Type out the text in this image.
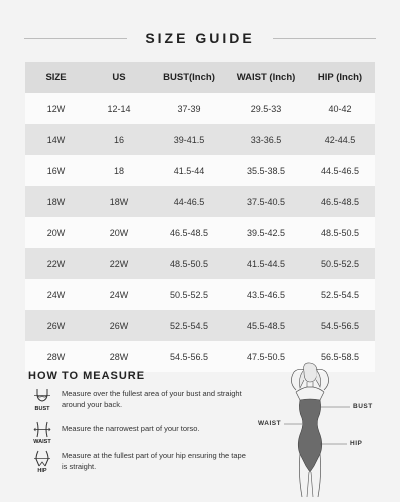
SIZE GUIDE
SIZE	US	BUST(Inch)	WAIST (Inch)	HIP (Inch)
12W	12-14	37-39	29.5-33	40-42
14W	16	39-41.5	33-36.5	42-44.5
16W	18	41.5-44	35.5-38.5	44.5-46.5
18W	18W	44-46.5	37.5-40.5	46.5-48.5
20W	20W	46.5-48.5	39.5-42.5	48.5-50.5
22W	22W	48.5-50.5	41.5-44.5	50.5-52.5
24W	24W	50.5-52.5	43.5-46.5	52.5-54.5
26W	26W	52.5-54.5	45.5-48.5	54.5-56.5
28W	28W	54.5-56.5	47.5-50.5	56.5-58.5
HOW TO MEASURE
BUST
Measure over the fullest area of your bust and straight around your back.
WAIST
Measure the narrowest part of your torso.
HIP
Measure at the fullest part of your hip ensuring the tape is straight.
BUST
WAIST
HIP
